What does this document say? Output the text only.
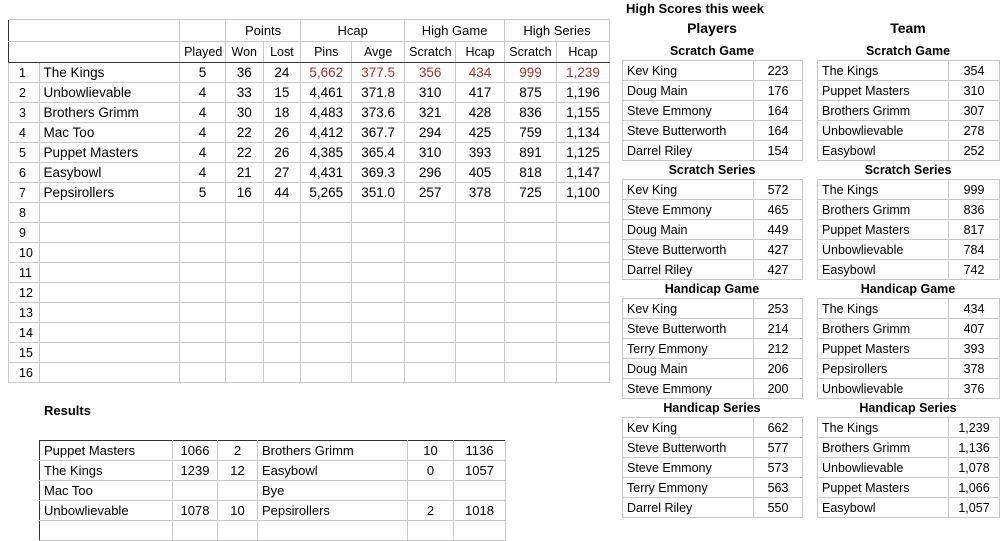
			Points		Hcap		High Game		High Series	
		Played	Won	Lost	Pins	Avge	Scratch	Hcap	Scratch	Hcap
1	The Kings	5	36	24	5,662	377.5	356	434	999	1,239
2	Unbowlievable	4	33	15	4,461	371.8	310	417	875	1,196
3	Brothers Grimm	4	30	18	4,483	373.6	321	428	836	1,155
4	Mac Too	4	22	26	4,412	367.7	294	425	759	1,134
5	Puppet Masters	4	22	26	4,385	365.4	310	393	891	1,125
6	Easybowl	4	21	27	4,431	369.3	296	405	818	1,147
7	Pepsirollers	5	16	44	5,265	351.0	257	378	725	1,100
8										
9										
10										
11										
12										
13										
14										
15										
16										
Results
Puppet Masters	1066	2	Brothers Grimm	10	1136
The Kings	1239	12	Easybowl	0	1057
Mac Too			Bye		
Unbowlievable	1078	10	Pepsirollers	2	1018

High Scores this week
Players	Team
Scratch Game
Kev King	223
Doug Main	176
Steve Emmony	164
Steve Butterworth	164
Darrel Riley	154
Scratch Series
Kev King	572
Steve Emmony	465
Doug Main	449
Steve Butterworth	427
Darrel Riley	427
Handicap Game
Kev King	253
Steve Butterworth	214
Terry Emmony	212
Doug Main	206
Steve Emmony	200
Handicap Series
Kev King	662
Steve Butterworth	577
Steve Emmony	573
Terry Emmony	563
Darrel Riley	550
Scratch Game
The Kings	354
Puppet Masters	310
Brothers Grimm	307
Unbowlievable	278
Easybowl	252
Scratch Series
The Kings	999
Brothers Grimm	836
Puppet Masters	817
Unbowlievable	784
Easybowl	742
Handicap Game
The Kings	434
Brothers Grimm	407
Puppet Masters	393
Pepsirollers	378
Unbowlievable	376
Handicap Series
The Kings	1,239
Brothers Grimm	1,136
Unbowlievable	1,078
Puppet Masters	1,066
Easybowl	1,057
